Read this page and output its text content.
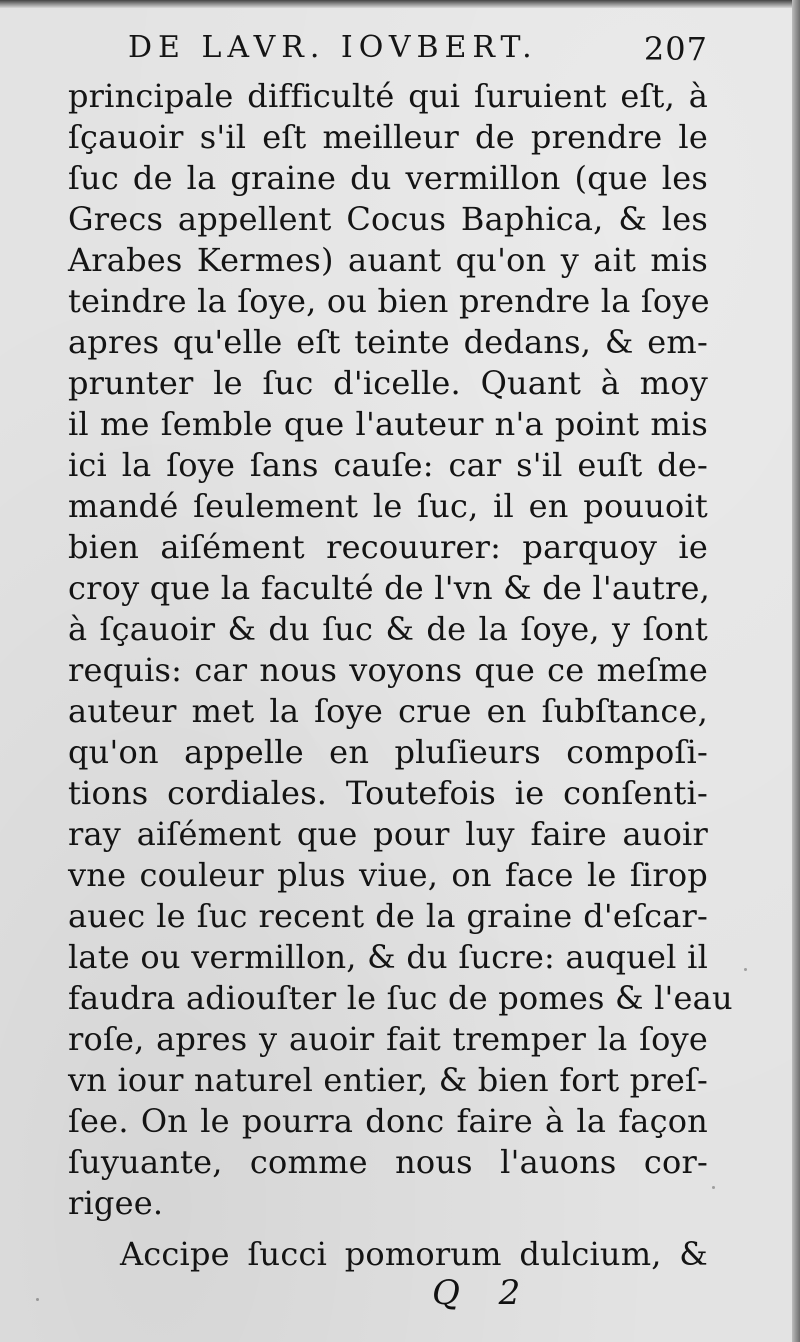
DE LAVR. IOVBERT.	207
principale difficulté qui ſuruient eſt, à
ſçauoir s'il eſt meilleur de prendre le
ſuc de la graine du vermillon (que les
Grecs appellent Cocus Baphica, & les
Arabes Kermes) auant qu'on y ait mis
teindre la ſoye, ou bien prendre la ſoye
apres qu'elle eſt teinte dedans, & em-
prunter le ſuc d'icelle. Quant à moy
il me ſemble que l'auteur n'a point mis
ici la ſoye ſans cauſe: car s'il euſt de-
mandé ſeulement le ſuc, il en pouuoit
bien aiſément recouurer: parquoy ie
croy que la faculté de l'vn & de l'autre,
à ſçauoir & du ſuc & de la ſoye, y ſont
requis: car nous voyons que ce meſme
auteur met la ſoye crue en ſubſtance,
qu'on appelle en pluſieurs compoſi-
tions cordiales. Toutefois ie conſenti-
ray aiſément que pour luy faire auoir
vne couleur plus viue, on face le ſirop
auec le ſuc recent de la graine d'eſcar-
late ou vermillon, & du ſucre: auquel il
faudra adiouſter le ſuc de pomes & l'eau
roſe, apres y auoir fait tremper la ſoye
vn iour naturel entier, & bien fort preſ-
ſee. On le pourra donc faire à la façon
ſuyuante, comme nous l'auons cor-
rigee.
Accipe ſucci pomorum dulcium, &
Q 2
